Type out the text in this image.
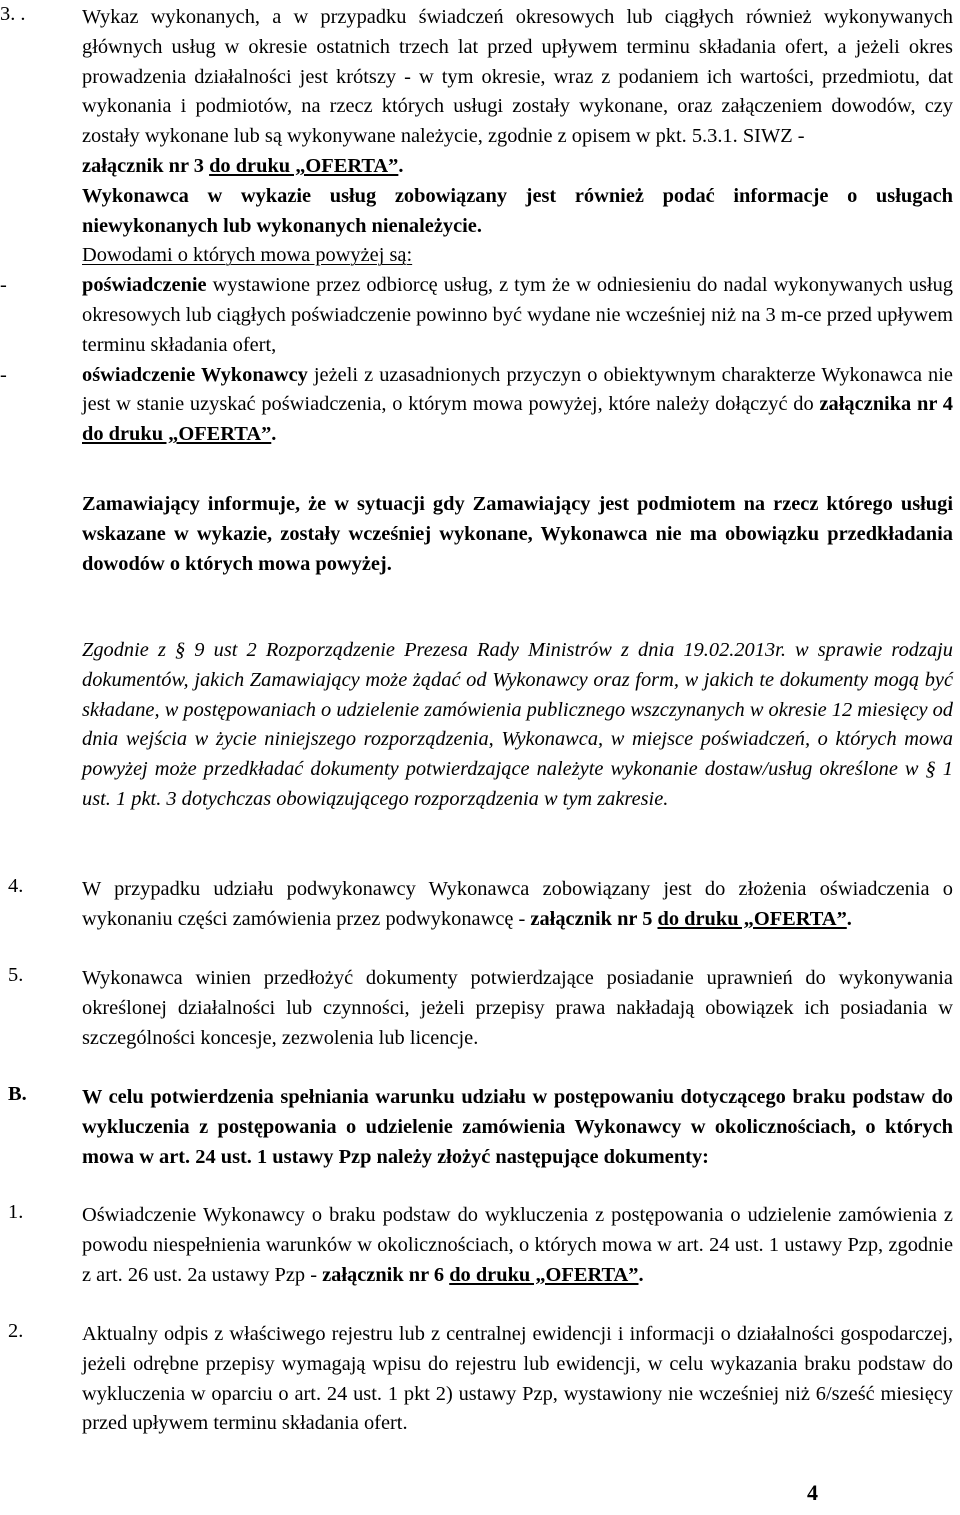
3. .	Wykaz wykonanych, a w przypadku świadczeń okresowych lub ciągłych również wykonywanych głównych usług w okresie ostatnich trzech lat przed upływem terminu składania ofert, a jeżeli okres prowadzenia działalności jest krótszy - w tym okresie, wraz z podaniem ich wartości, przedmiotu, dat wykonania i podmiotów, na rzecz których usługi zostały wykonane, oraz załączeniem dowodów, czy zostały wykonane lub są wykonywane należycie, zgodnie z opisem w pkt. 5.3.1. SIWZ -
załącznik nr 3 do druku „OFERTA”.

Wykonawca w wykazie usług zobowiązany jest również podać informacje o usługach niewykonanych lub wykonanych nienależycie.

Dowodami o których mowa powyżej są:

-	poświadczenie wystawione przez odbiorcę usług, z tym że w odniesieniu do nadal wykonywanych usług okresowych lub ciągłych poświadczenie powinno być wydane nie wcześniej niż na 3 m-ce przed upływem terminu składania ofert,

-	oświadczenie Wykonawcy jeżeli z uzasadnionych przyczyn o obiektywnym charakterze Wykonawca nie jest w stanie uzyskać poświadczenia, o którym mowa powyżej, które należy dołączyć do załącznika nr 4 do druku „OFERTA”.

Zamawiający informuje, że w sytuacji gdy Zamawiający jest podmiotem na rzecz którego usługi wskazane w wykazie, zostały wcześniej wykonane, Wykonawca nie ma obowiązku przedkładania dowodów o których mowa powyżej.

Zgodnie z § 9 ust 2 Rozporządzenie Prezesa Rady Ministrów z dnia 19.02.2013r. w sprawie rodzaju dokumentów, jakich Zamawiający może żądać od Wykonawcy oraz form, w jakich te dokumenty mogą być składane, w postępowaniach o udzielenie zamówienia publicznego wszczynanych w okresie 12 miesięcy od dnia wejścia w życie niniejszego rozporządzenia, Wykonawca, w miejsce poświadczeń, o których mowa powyżej może przedkładać dokumenty potwierdzające należyte wykonanie dostaw/usług określone w § 1 ust. 1 pkt. 3 dotychczas obowiązującego rozporządzenia w tym zakresie.

4.	W przypadku udziału podwykonawcy Wykonawca zobowiązany jest do złożenia oświadczenia o wykonaniu części zamówienia przez podwykonawcę - załącznik nr 5 do druku „OFERTA”.

5.	Wykonawca winien przedłożyć dokumenty potwierdzające posiadanie uprawnień do wykonywania określonej działalności lub czynności, jeżeli przepisy prawa nakładają obowiązek ich posiadania w szczególności koncesje, zezwolenia lub licencje.

B.	W celu potwierdzenia spełniania warunku udziału w postępowaniu dotyczącego braku podstaw do wykluczenia z postępowania o udzielenie zamówienia Wykonawcy w okolicznościach, o których mowa w art. 24 ust. 1 ustawy Pzp należy złożyć następujące dokumenty:

1.	Oświadczenie Wykonawcy o braku podstaw do wykluczenia z postępowania o udzielenie zamówienia z powodu niespełnienia warunków w okolicznościach, o których mowa w art. 24 ust. 1 ustawy Pzp, zgodnie z art. 26 ust. 2a ustawy Pzp - załącznik nr 6 do druku „OFERTA”.

2.	Aktualny odpis z właściwego rejestru lub z centralnej ewidencji i informacji o działalności gospodarczej, jeżeli odrębne przepisy wymagają wpisu do rejestru lub ewidencji, w celu wykazania braku podstaw do wykluczenia w oparciu o art. 24 ust. 1 pkt 2) ustawy Pzp, wystawiony nie wcześniej niż 6/sześć miesięcy przed upływem terminu składania ofert.

4
